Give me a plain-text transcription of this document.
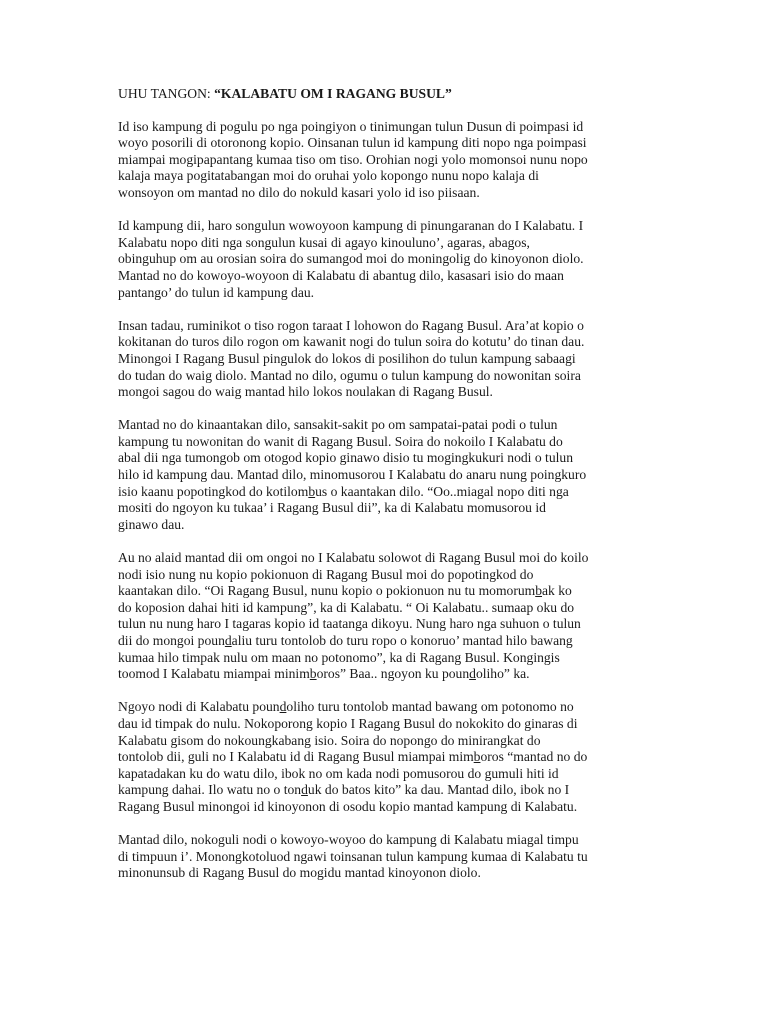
UHU TANGON: “KALABATU OM I RAGANG BUSUL”

Id iso kampung di pogulu po nga poingiyon o tinimungan tulun Dusun di poimpasi id
woyo posorili di otoronong kopio. Oinsanan tulun id kampung diti nopo nga poimpasi
miampai mogipapantang kumaa tiso om tiso. Orohian nogi yolo momonsoi nunu nopo
kalaja maya pogitatabangan moi do oruhai yolo kopongo nunu nopo kalaja di
wonsoyon om mantad no dilo do nokuld kasari yolo id iso piisaan.

Id kampung dii, haro songulun wowoyoon kampung di pinungaranan do I Kalabatu. I
Kalabatu nopo diti nga songulun kusai di agayo kinouluno’, agaras, abagos,
obinguhup om au orosian soira do sumangod moi do moningolig do kinoyonon diolo.
Mantad no do kowoyo-woyoon di Kalabatu di abantug dilo, kasasari isio do maan
pantango’ do tulun id kampung dau.

Insan tadau, ruminikot o tiso rogon taraat I lohowon do Ragang Busul. Ara’at kopio o
kokitanan do turos dilo rogon om kawanit nogi do tulun soira do kotutu’ do tinan dau.
Minongoi I Ragang Busul pingulok do lokos di posilihon do tulun kampung sabaagi
do tudan do waig diolo. Mantad no dilo, ogumu o tulun kampung do nowonitan soira
mongoi sagou do waig mantad hilo lokos noulakan di Ragang Busul.

Mantad no do kinaantakan dilo, sansakit-sakit po om sampatai-patai podi o tulun
kampung tu nowonitan do wanit di Ragang Busul. Soira do nokoilo I Kalabatu do
abal dii nga tumongob om otogod kopio ginawo disio tu mogingkukuri nodi o tulun
hilo id kampung dau. Mantad dilo, minomusorou I Kalabatu do anaru nung poingkuro
isio kaanu popotingkod do kotilombus o kaantakan dilo. “Oo..miagal nopo diti nga
mositi do ngoyon ku tukaa’ i Ragang Busul dii”, ka di Kalabatu momusorou id
ginawo dau.

Au no alaid mantad dii om ongoi no I Kalabatu solowot di Ragang Busul moi do koilo
nodi isio nung nu kopio pokionuon di Ragang Busul moi do popotingkod do
kaantakan dilo. “Oi Ragang Busul, nunu kopio o pokionuon nu tu momorumbak ko
do koposion dahai hiti id kampung”, ka di Kalabatu. “ Oi Kalabatu.. sumaap oku do
tulun nu nung haro I tagaras kopio id taatanga dikoyu. Nung haro nga suhuon o tulun
dii do mongoi poundaliu turu tontolob do turu ropo o konoruo’ mantad hilo bawang
kumaa hilo timpak nulu om maan no potonomo”, ka di Ragang Busul. Kongingis
toomod I Kalabatu miampai minimboros” Baa.. ngoyon ku poundoliho” ka.

Ngoyo nodi di Kalabatu poundoliho turu tontolob mantad bawang om potonomo no
dau id timpak do nulu. Nokoporong kopio I Ragang Busul do nokokito do ginaras di
Kalabatu gisom do nokoungkabang isio. Soira do nopongo do minirangkat do
tontolob dii, guli no I Kalabatu id di Ragang Busul miampai mimboros “mantad no do
kapatadakan ku do watu dilo, ibok no om kada nodi pomusorou do gumuli hiti id
kampung dahai. Ilo watu no o tonduk do batos kito” ka dau. Mantad dilo, ibok no I
Ragang Busul minongoi id kinoyonon di osodu kopio mantad kampung di Kalabatu.

Mantad dilo, nokoguli nodi o kowoyo-woyoo do kampung di Kalabatu miagal timpu
di timpuun i’. Monongkotoluod ngawi toinsanan tulun kampung kumaa di Kalabatu tu
minonunsub di Ragang Busul do mogidu mantad kinoyonon diolo.
